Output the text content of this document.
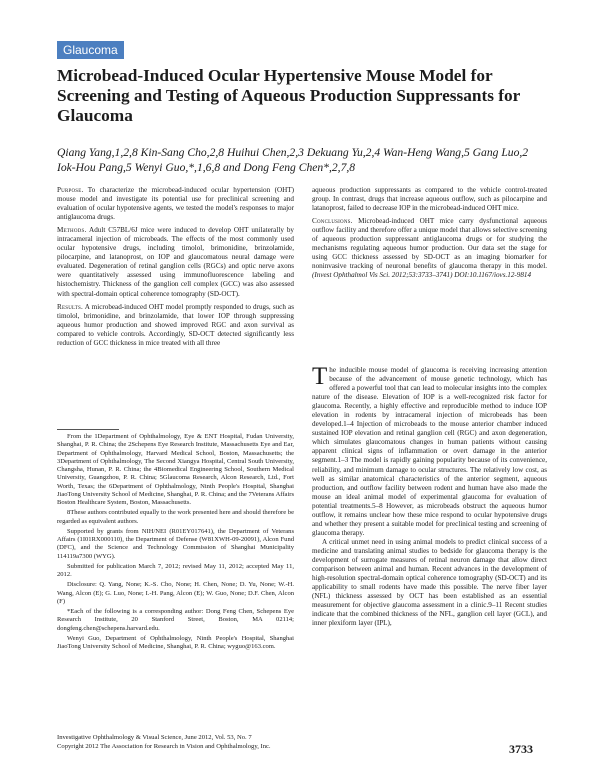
Glaucoma
Microbead-Induced Ocular Hypertensive Mouse Model for Screening and Testing of Aqueous Production Suppressants for Glaucoma
Qiang Yang,1,2,8 Kin-Sang Cho,2,8 Huihui Chen,2,3 Dekuang Yu,2,4 Wan-Heng Wang,5 Gang Luo,2 Iok-Hou Pang,5 Wenyi Guo,*,1,6,8 and Dong Feng Chen*,2,7,8

Purpose. To characterize the microbead-induced ocular hypertension (OHT) mouse model and investigate its potential use for preclinical screening and evaluation of ocular hypotensive agents, we tested the model's responses to major antiglaucoma drugs.

Methods. Adult C57BL/6J mice were induced to develop OHT unilaterally by intracameral injection of microbeads. The effects of the most commonly used ocular hypotensive drugs, including timolol, brimonidine, brinzolamide, pilocarpine, and latanoprost, on IOP and glaucomatous neural damage were evaluated. Degeneration of retinal ganglion cells (RGCs) and optic nerve axons were quantitatively assessed using immunofluorescence labeling and histochemistry. Thickness of the ganglion cell complex (GCC) was also assessed with spectral-domain optical coherence tomography (SD-OCT).

Results. A microbead-induced OHT model promptly responded to drugs, such as timolol, brimonidine, and brinzolamide, that lower IOP through suppressing aqueous humor production and showed improved RGC and axon survival as compared to vehicle controls. Accordingly, SD-OCT detected significantly less reduction of GCC thickness in mice treated with all three

aqueous production suppressants as compared to the vehicle control-treated group. In contrast, drugs that increase aqueous outflow, such as pilocarpine and latanoprost, failed to decrease IOP in the microbead-induced OHT mice.

Conclusions. Microbead-induced OHT mice carry dysfunctional aqueous outflow facility and therefore offer a unique model that allows selective screening of aqueous production suppressant antiglaucoma drugs or for studying the mechanisms regulating aqueous humor production. Our data set the stage for using GCC thickness assessed by SD-OCT as an imaging biomarker for noninvasive tracking of neuronal benefits of glaucoma therapy in this model. (Invest Ophthalmol Vis Sci. 2012;53:3733–3741) DOI:10.1167/iovs.12-9814

From the 1Department of Ophthalmology, Eye & ENT Hospital, Fudan University, Shanghai, P. R. China; the 2Schepens Eye Research Institute, Massachusetts Eye and Ear, Department of Ophthalmology, Harvard Medical School, Boston, Massachusetts; the 3Department of Ophthalmology, The Second Xiangya Hospital, Central South University, Changsha, Hunan, P. R. China; the 4Biomedical Engineering School, Southern Medical University, Guangzhou, P. R. China; 5Glaucoma Research, Alcon Research, Ltd., Fort Worth, Texas; the 6Department of Ophthalmology, Ninth People's Hospital, Shanghai JiaoTong University School of Medicine, Shanghai, P. R. China; and the 7Veterans Affairs Boston Healthcare System, Boston, Massachusetts.

8These authors contributed equally to the work presented here and should therefore be regarded as equivalent authors.

Supported by grants from NIH/NEI (R01EY017641), the Department of Veterans Affairs (1I01RX000110), the Department of Defense (W81XWH-09-20091), Alcon Fund (DFC), and the Science and Technology Commission of Shanghai Municipality 114119a7300 (WYG).

Submitted for publication March 7, 2012; revised May 11, 2012; accepted May 11, 2012.

Disclosure: Q. Yang, None; K.-S. Cho, None; H. Chen, None; D. Yu, None; W.-H. Wang, Alcon (E); G. Luo, None; I.-H. Pang, Alcon (E); W. Guo, None; D.F. Chen, Alcon (F)

*Each of the following is a corresponding author: Dong Feng Chen, Schepens Eye Research Institute, 20 Stanford Street, Boston, MA 02114; dongfeng.chen@schepens.harvard.edu.

Wenyi Guo, Department of Ophthalmology, Ninth People's Hospital, Shanghai JiaoTong University School of Medicine, Shanghai, P. R. China; wyguo@163.com.

The inducible mouse model of glaucoma is receiving increasing attention because of the advancement of mouse genetic technology, which has offered a powerful tool that can lead to molecular insights into the complex nature of the disease. Elevation of IOP is a well-recognized risk factor for glaucoma. Recently, a highly effective and reproducible method to induce IOP elevation in rodents by intracameral injection of microbeads has been developed.1–4 Injection of microbeads to the mouse anterior chamber induced sustained IOP elevation and retinal ganglion cell (RGC) and axon degeneration, which simulates glaucomatous changes in human patients without causing apparent clinical signs of inflammation or overt damage in the anterior segment.1–3 The model is rapidly gaining popularity because of its convenience, reliability, and minimum damage to ocular structures. The relatively low cost, as well as similar anatomical characteristics of the anterior segment, aqueous production, and outflow facility between rodent and human have also made the mouse an ideal animal model of experimental glaucoma for evaluation of potential treatments.5–8 However, as microbeads obstruct the aqueous humor outflow, it remains unclear how these mice respond to ocular hypotensive drugs and whether they present a suitable model for preclinical testing and screening of glaucoma therapy.

A critical unmet need in using animal models to predict clinical success of a medicine and translating animal studies to bedside for glaucoma therapy is the development of surrogate measures of retinal neuron damage that allow direct comparison between animal and human. Recent advances in the development of high-resolution spectral-domain optical coherence tomography (SD-OCT) and its applicability to small rodents have made this possible. The nerve fiber layer (NFL) thickness assessed by OCT has been established as an essential measurement for objective glaucoma assessment in a clinic.9–11 Recent studies indicate that the combined thickness of the NFL, ganglion cell layer (GCL), and inner plexiform layer (IPL),

Investigative Ophthalmology & Visual Science, June 2012, Vol. 53, No. 7
Copyright 2012 The Association for Research in Vision and Ophthalmology, Inc.	3733
